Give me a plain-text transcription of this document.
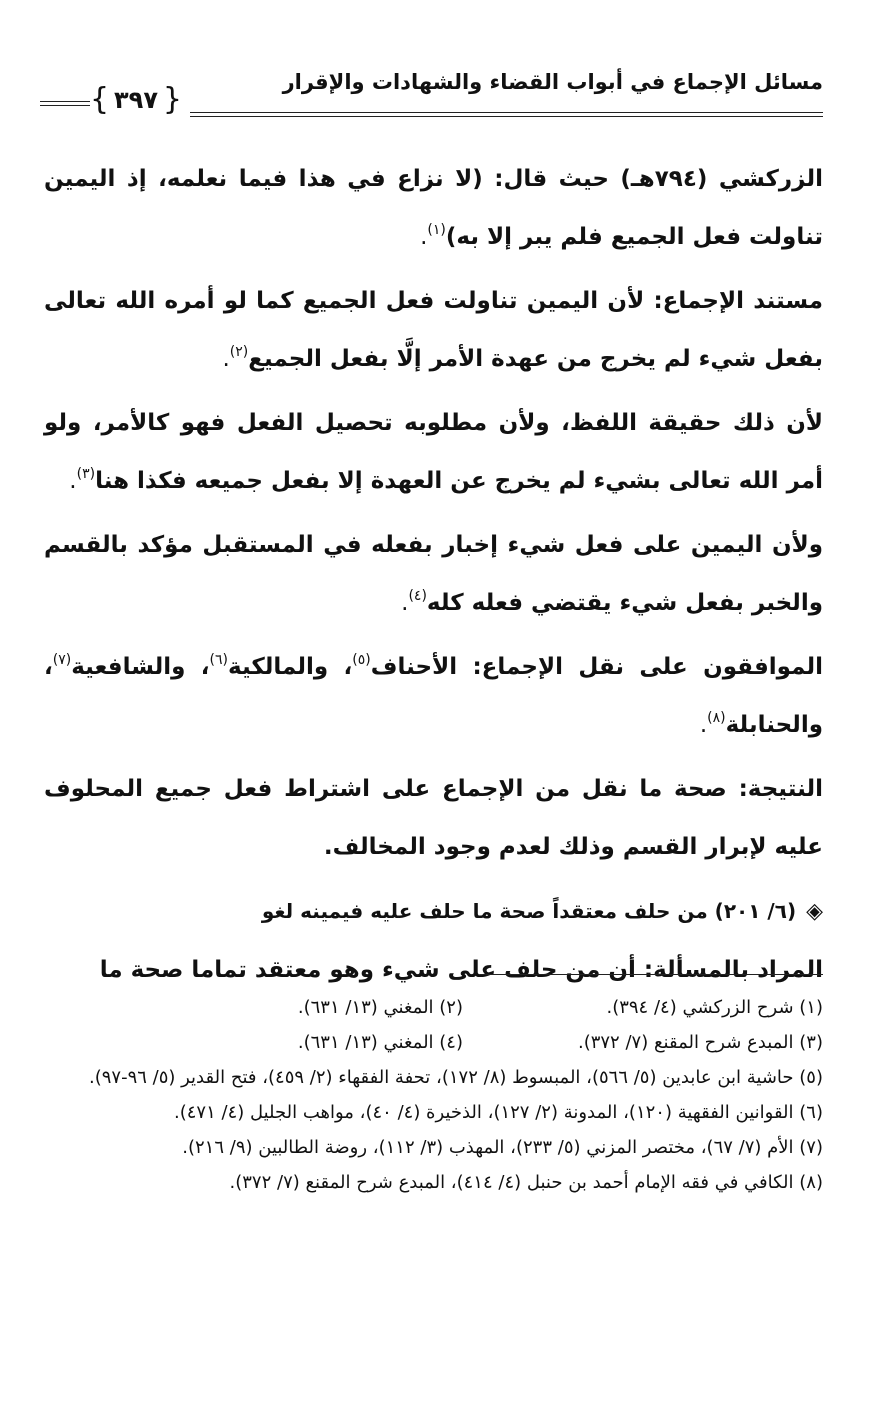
مسائل الإجماع في أبواب القضاء والشهادات والإقرار
{
٣٩٧
}

الزركشي (٧٩٤هـ) حيث قال: (لا نزاع في هذا فيما نعلمه، إذ اليمين تناولت فعل الجميع فلم يبر إلا به)$^{(١)}$.

مستند الإجماع: لأن اليمين تناولت فعل الجميع كما لو أمره الله تعالى بفعل شيء لم يخرج من عهدة الأمر إلَّا بفعل الجميع$^{(٢)}$.

لأن ذلك حقيقة اللفظ، ولأن مطلوبه تحصيل الفعل فهو كالأمر، ولو أمر الله تعالى بشيء لم يخرج عن العهدة إلا بفعل جميعه فكذا هنا$^{(٣)}$.

ولأن اليمين على فعل شيء إخبار بفعله في المستقبل مؤكد بالقسم والخبر بفعل شيء يقتضي فعله كله$^{(٤)}$.

الموافقون على نقل الإجماع: الأحناف$^{(٥)}$، والمالكية$^{(٦)}$، والشافعية$^{(٧)}$، والحنابلة$^{(٨)}$.

النتيجة: صحة ما نقل من الإجماع على اشتراط فعل جميع المحلوف عليه لإبرار القسم وذلك لعدم وجود المخالف.

◈(٦/ ٢٠١) من حلف معتقداً صحة ما حلف عليه فيمينه لغو

المراد بالمسألة: أن من حلف على شيء وهو معتقد تماما صحة ما

(١) شرح الزركشي (٤/ ٣٩٤).
(٢) المغني (١٣/ ٦٣١).
(٣) المبدع شرح المقنع (٧/ ٣٧٢).
(٤) المغني (١٣/ ٦٣١).
(٥) حاشية ابن عابدين (٥/ ٥٦٦)، المبسوط (٨/ ١٧٢)، تحفة الفقهاء (٢/ ٤٥٩)، فتح القدير (٥/ ٩٦-٩٧).
(٦) القوانين الفقهية (١٢٠)، المدونة (٢/ ١٢٧)، الذخيرة (٤/ ٤٠)، مواهب الجليل (٤/ ٤٧١).
(٧) الأم (٧/ ٦٧)، مختصر المزني (٥/ ٢٣٣)، المهذب (٣/ ١١٢)، روضة الطالبين (٩/ ٢١٦).
(٨) الكافي في فقه الإمام أحمد بن حنبل (٤/ ٤١٤)، المبدع شرح المقنع (٧/ ٣٧٢).
